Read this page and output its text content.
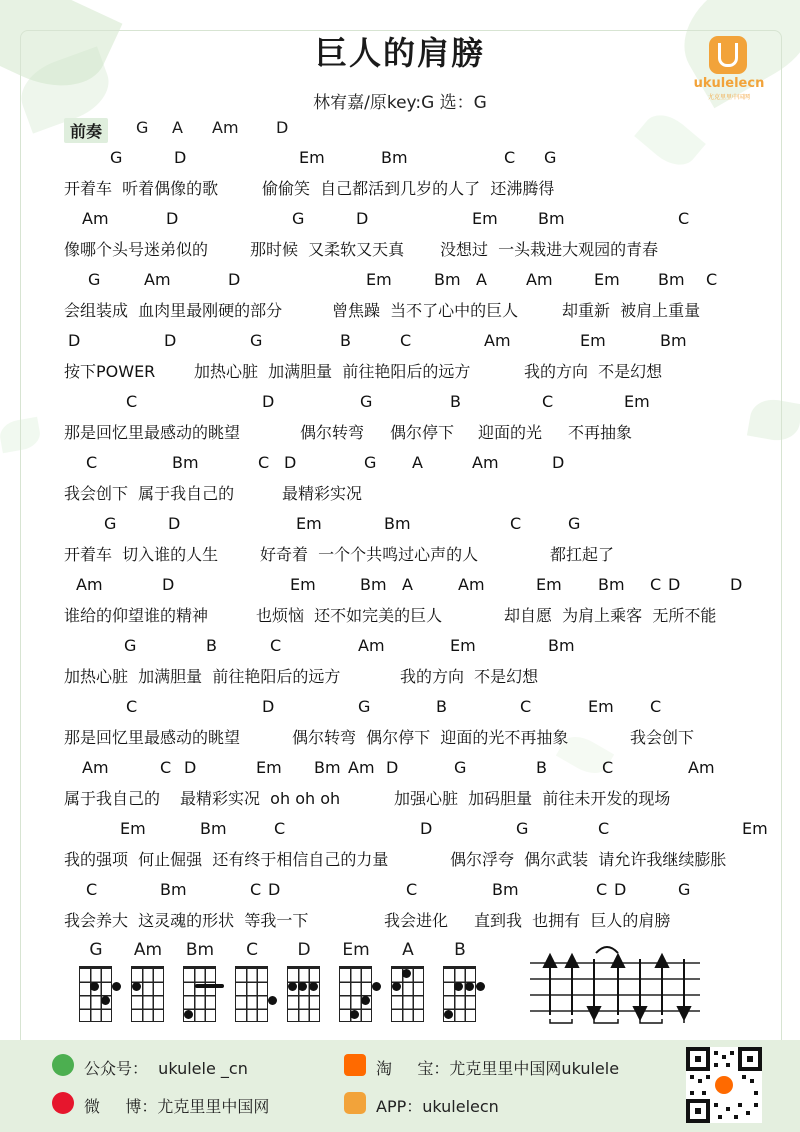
巨人的肩膀
林宥嘉/原key:G 选：G
ukulelecn
尤克里里中国网
前奏	G A Am D
G	D	Em	Bm	C G
开着车  听着偶像的歌	偷偷笑  自己都活到几岁的人了  还沸腾得
Am	D	G	D	Em	Bm	C
像哪个头号迷弟似的	那时候  又柔软又天真 没想过  一头栽进大观园的青春
G	Am	D	Em	Bm A Am	Em Bm C
会组装成  血肉里最刚硬的部分	曾焦躁  当不了心中的巨人	却重新  被肩上重量
D	D	G	B	C	Am	Em	Bm
按下POWER 加热心脏  加满胆量  前往艳阳后的远方	我的方向  不是幻想
C	D	G	B	C	Em
那是回忆里最感动的眺望	偶尔转弯 偶尔停下 迎面的光 不再抽象
C	Bm	C D	G A	Am	D
我会创下  属于我自己的	最精彩实况
G	D	Em	Bm	C	G
开着车  切入谁的人生	好奇着  一个个共鸣过心声的人	都扛起了
Am	D	Em	Bm A	Am	Em Bm C D	D
谁给的仰望谁的精神	也烦恼  还不如完美的巨人	却自愿  为肩上乘客  无所不能
G	B	C	Am	Em	Bm
加热心脏  加满胆量  前往艳阳后的远方	我的方向  不是幻想
C	D	G	B	C	Em C
那是回忆里最感动的眺望	偶尔转弯  偶尔停下  迎面的光不再抽象	我会创下
Am	C D	Em Bm Am D	G	B	C	Am
属于我自己的 最精彩实况  oh oh oh	加强心脏  加码胆量  前往未开发的现场
Em	Bm	C	D	G	C	Em
我的强项  何止倔强  还有终于相信自己的力量	偶尔浮夸  偶尔武装  请允许我继续膨胀
C	Bm	C D	C	Bm	C D	G
我会养大  这灵魂的形状  等我一下	我会进化 直到我  也拥有  巨人的肩膀
G	Am	Bm	C	D	Em	A	B
公众号：  ukulele _cn
微     博：尤克里里中国网
淘     宝：尤克里里中国网ukulele
APP：ukulelecn
